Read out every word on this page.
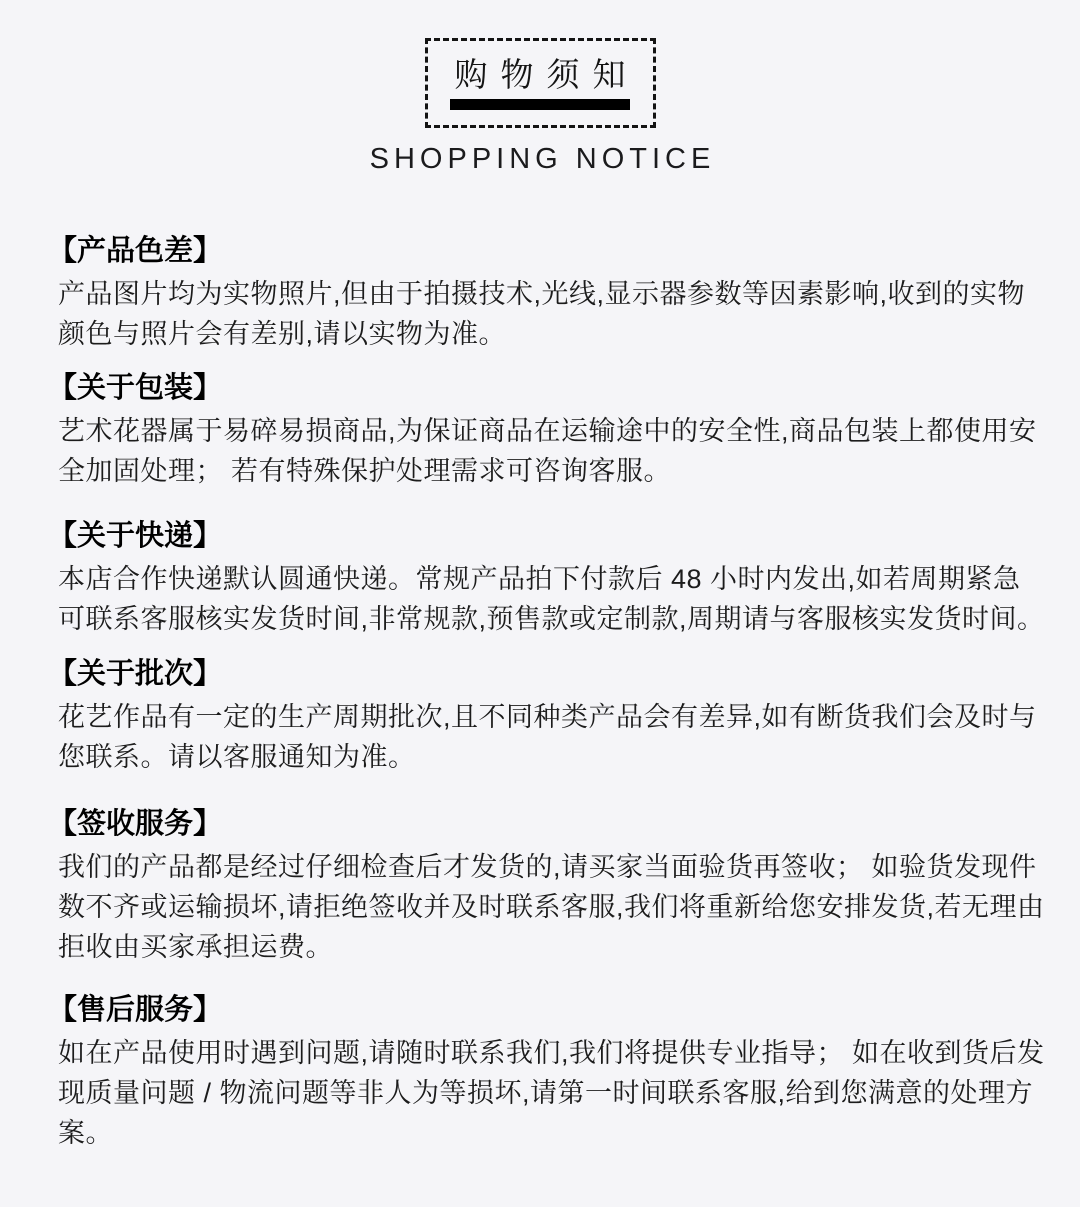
购物须知
SHOPPING NOTICE
【产品色差】

产品图片均为实物照片,但由于拍摄技术,光线,显示器参数等因素影响,收到的实物颜色与照片会有差别,请以实物为准。

【关于包装】

艺术花器属于易碎易损商品,为保证商品在运输途中的安全性,商品包装上都使用安全加固处理； 若有特殊保护处理需求可咨询客服。

【关于快递】

本店合作快递默认圆通快递。常规产品拍下付款后 48 小时内发出,如若周期紧急可联系客服核实发货时间,非常规款,预售款或定制款,周期请与客服核实发货时间。

【关于批次】

花艺作品有一定的生产周期批次,且不同种类产品会有差异,如有断货我们会及时与您联系。请以客服通知为准。

【签收服务】

我们的产品都是经过仔细检查后才发货的,请买家当面验货再签收； 如验货发现件数不齐或运输损坏,请拒绝签收并及时联系客服,我们将重新给您安排发货,若无理由拒收由买家承担运费。

【售后服务】

如在产品使用时遇到问题,请随时联系我们,我们将提供专业指导； 如在收到货后发现质量问题 / 物流问题等非人为等损坏,请第一时间联系客服,给到您满意的处理方案。
